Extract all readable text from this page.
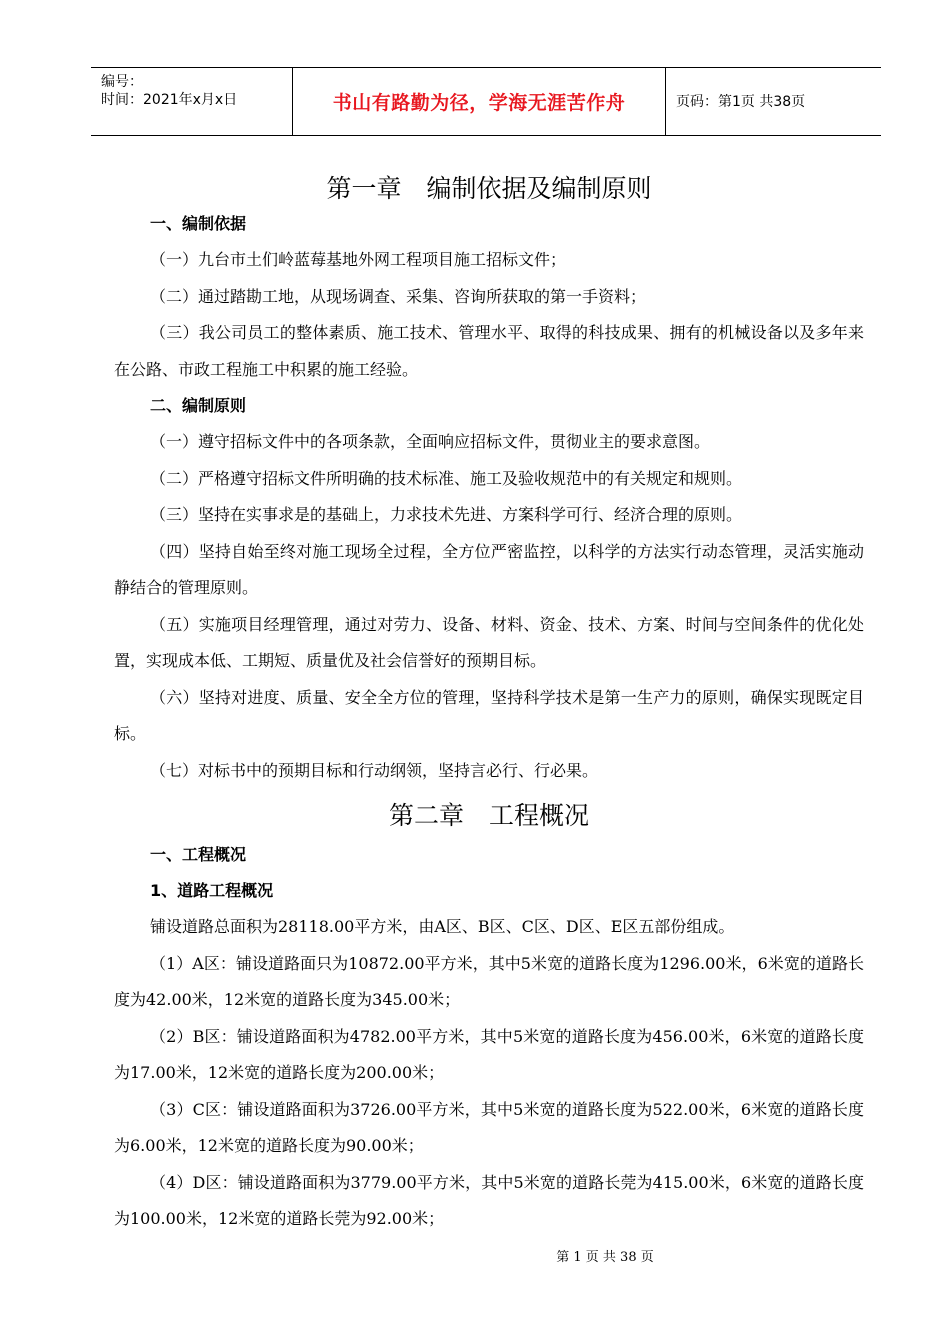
编号：
时间：2021年x月x日	书山有路勤为径，学海无涯苦作舟	页码：第1页 共38页
第一章　编制依据及编制原则
一、编制依据

（一）九台市土们岭蓝莓基地外网工程项目施工招标文件；

（二）通过踏勘工地，从现场调查、采集、咨询所获取的第一手资料；

（三）我公司员工的整体素质、施工技术、管理水平、取得的科技成果、拥有的机械设备以及多年来在公路、市政工程施工中积累的施工经验。

二、编制原则

（一）遵守招标文件中的各项条款，全面响应招标文件，贯彻业主的要求意图。

（二）严格遵守招标文件所明确的技术标准、施工及验收规范中的有关规定和规则。

（三）坚持在实事求是的基础上，力求技术先进、方案科学可行、经济合理的原则。

（四）坚持自始至终对施工现场全过程，全方位严密监控，以科学的方法实行动态管理，灵活实施动静结合的管理原则。

（五）实施项目经理管理，通过对劳力、设备、材料、资金、技术、方案、时间与空间条件的优化处置，实现成本低、工期短、质量优及社会信誉好的预期目标。

（六）坚持对进度、质量、安全全方位的管理，坚持科学技术是第一生产力的原则，确保实现既定目标。

（七）对标书中的预期目标和行动纲领，坚持言必行、行必果。

第二章　工程概况
一、工程概况
1、道路工程概况

铺设道路总面积为28118.00平方米，由A区、B区、C区、D区、E区五部份组成。

（1）A区：铺设道路面只为10872.00平方米，其中5米宽的道路长度为1296.00米，6米宽的道路长度为42.00米，12米宽的道路长度为345.00米；

（2）B区：铺设道路面积为4782.00平方米，其中5米宽的道路长度为456.00米，6米宽的道路长度为17.00米，12米宽的道路长度为200.00米；

（3）C区：铺设道路面积为3726.00平方米，其中5米宽的道路长度为522.00米，6米宽的道路长度为6.00米，12米宽的道路长度为90.00米；

（4）D区：铺设道路面积为3779.00平方米，其中5米宽的道路长莞为415.00米，6米宽的道路长度为100.00米，12米宽的道路长莞为92.00米；

第 1 页 共 38 页
